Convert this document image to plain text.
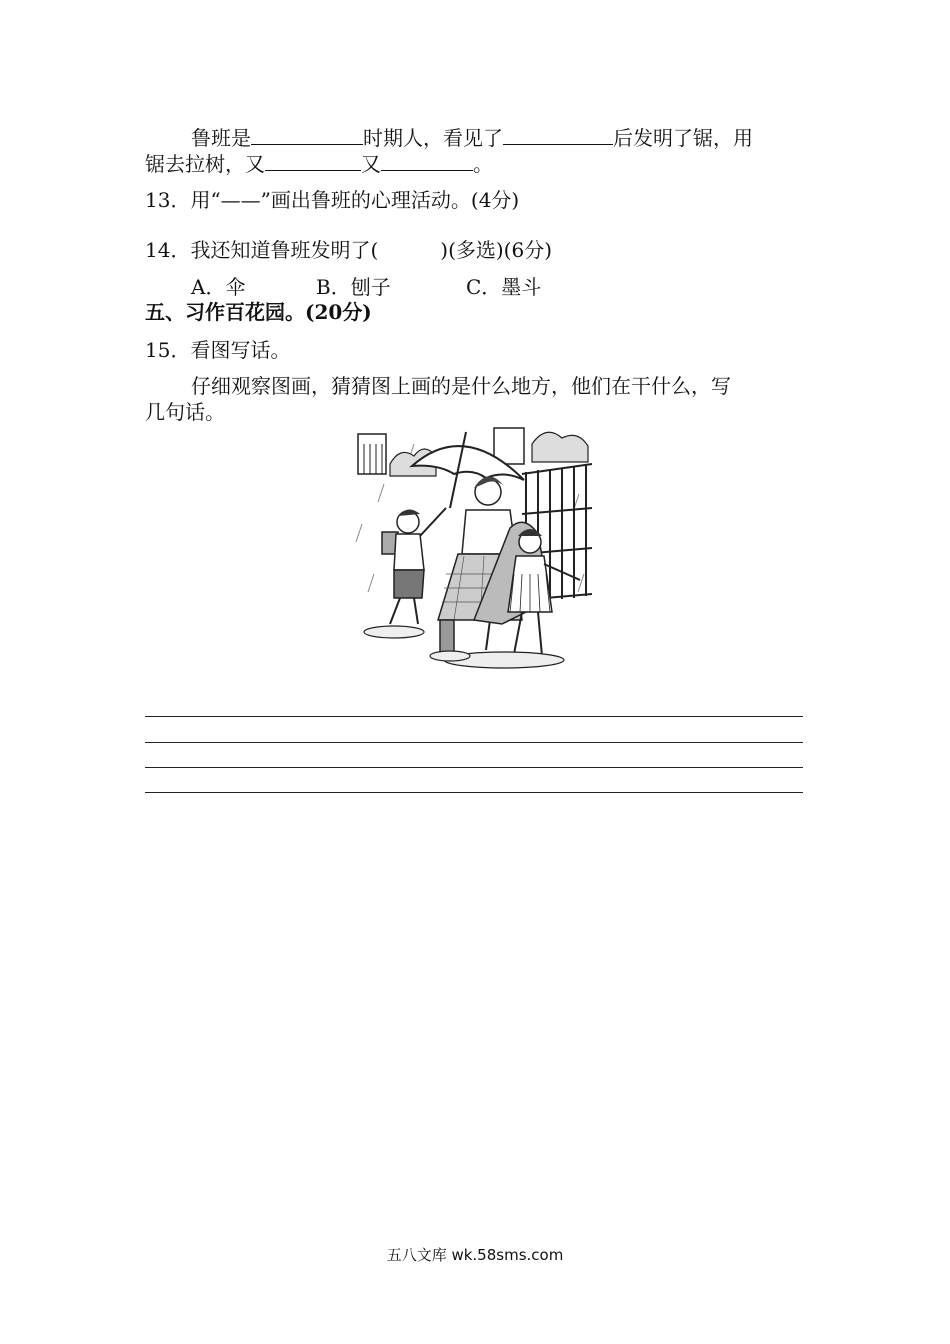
鲁班是	时期人，看见了	后发明了锯，用
锯去拉树，又	又	。
13．用“——”画出鲁班的心理活动。(4分)
14．我还知道鲁班发明了(	)(多选)(6分)
A．伞	B．刨子	C．墨斗
五、习作百花园。(20分)
15．看图写话。
仔细观察图画，猜猜图上画的是什么地方，他们在干什么，写
几句话。
五八文库 wk.58sms.com
